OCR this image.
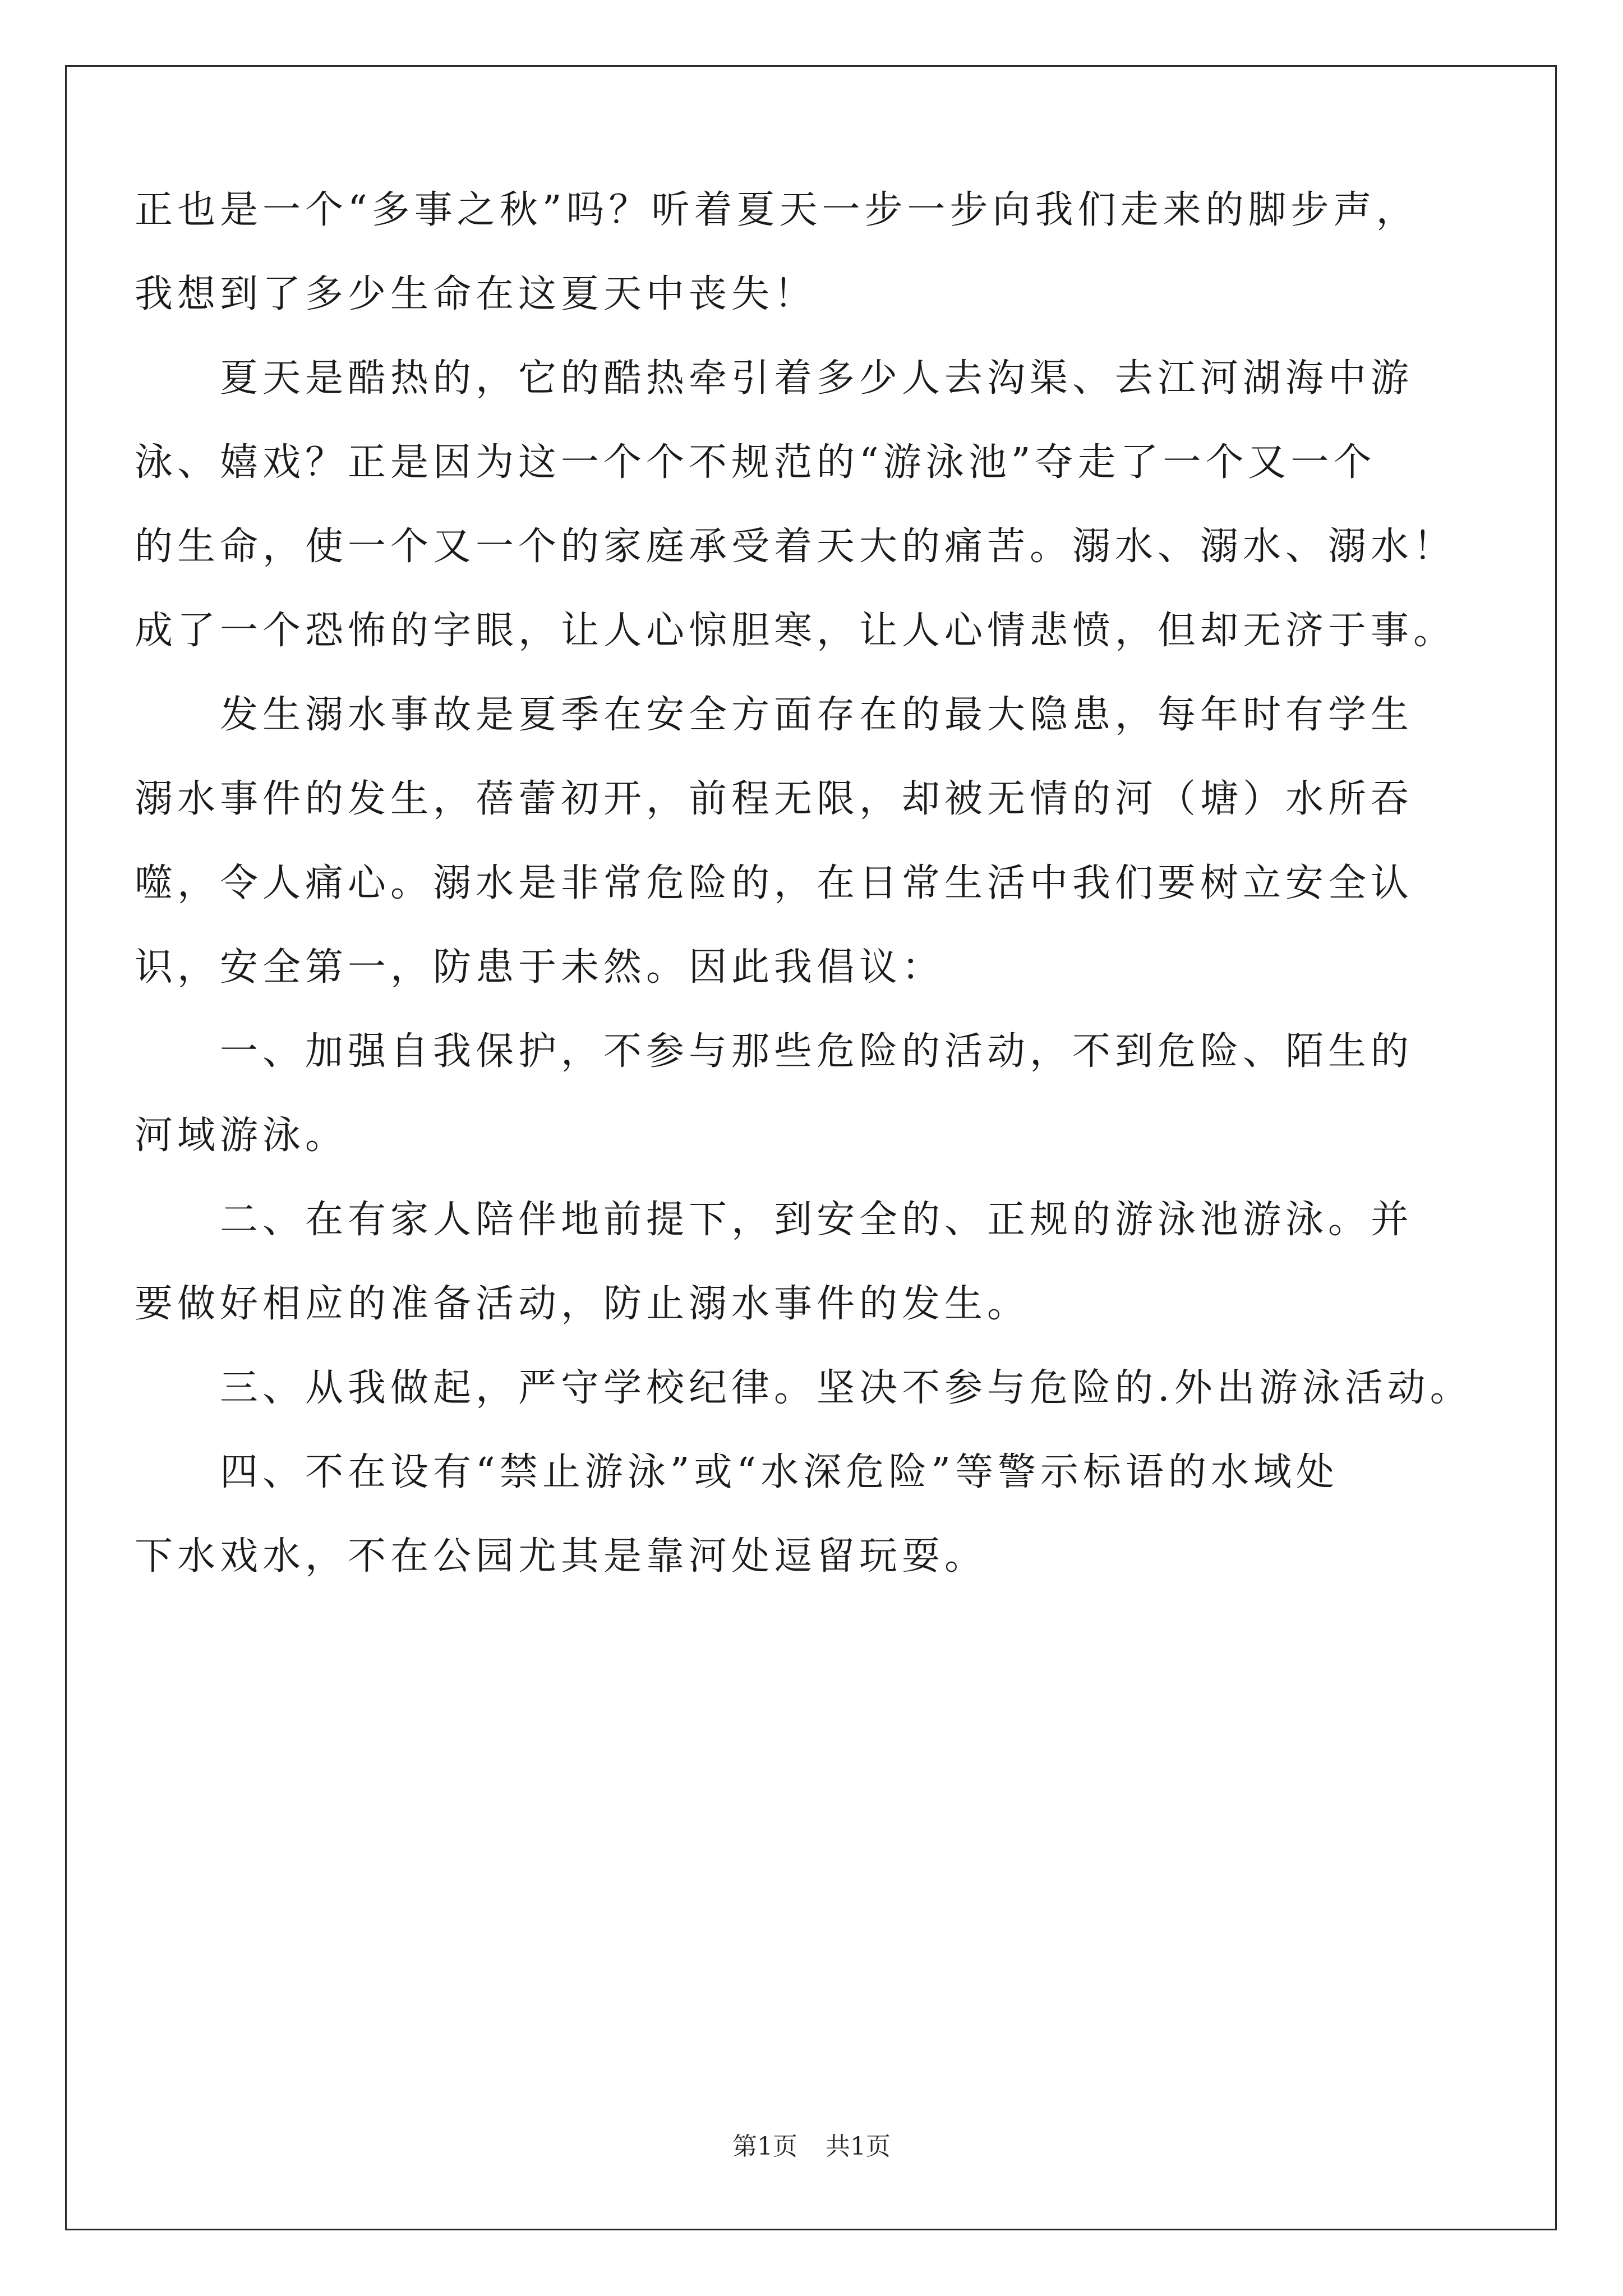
正也是一个“多事之秋”吗？听着夏天一步一步向我们走来的脚步声，
我想到了多少生命在这夏天中丧失！
　　夏天是酷热的，它的酷热牵引着多少人去沟渠、去江河湖海中游
泳、嬉戏？正是因为这一个个不规范的“游泳池”夺走了一个又一个
的生命，使一个又一个的家庭承受着天大的痛苦。溺水、溺水、溺水！
成了一个恐怖的字眼，让人心惊胆寒，让人心情悲愤，但却无济于事。
　　发生溺水事故是夏季在安全方面存在的最大隐患，每年时有学生
溺水事件的发生，蓓蕾初开，前程无限，却被无情的河（塘）水所吞
噬，令人痛心。溺水是非常危险的，在日常生活中我们要树立安全认
识，安全第一，防患于未然。因此我倡议：
　　一、加强自我保护，不参与那些危险的活动，不到危险、陌生的
河域游泳。
　　二、在有家人陪伴地前提下，到安全的、正规的游泳池游泳。并
要做好相应的准备活动，防止溺水事件的发生。
　　三、从我做起，严守学校纪律。坚决不参与危险的.外出游泳活动。
　　四、不在设有“禁止游泳”或“水深危险”等警示标语的水域处
下水戏水，不在公园尤其是靠河处逗留玩耍。
第1页 共1页
